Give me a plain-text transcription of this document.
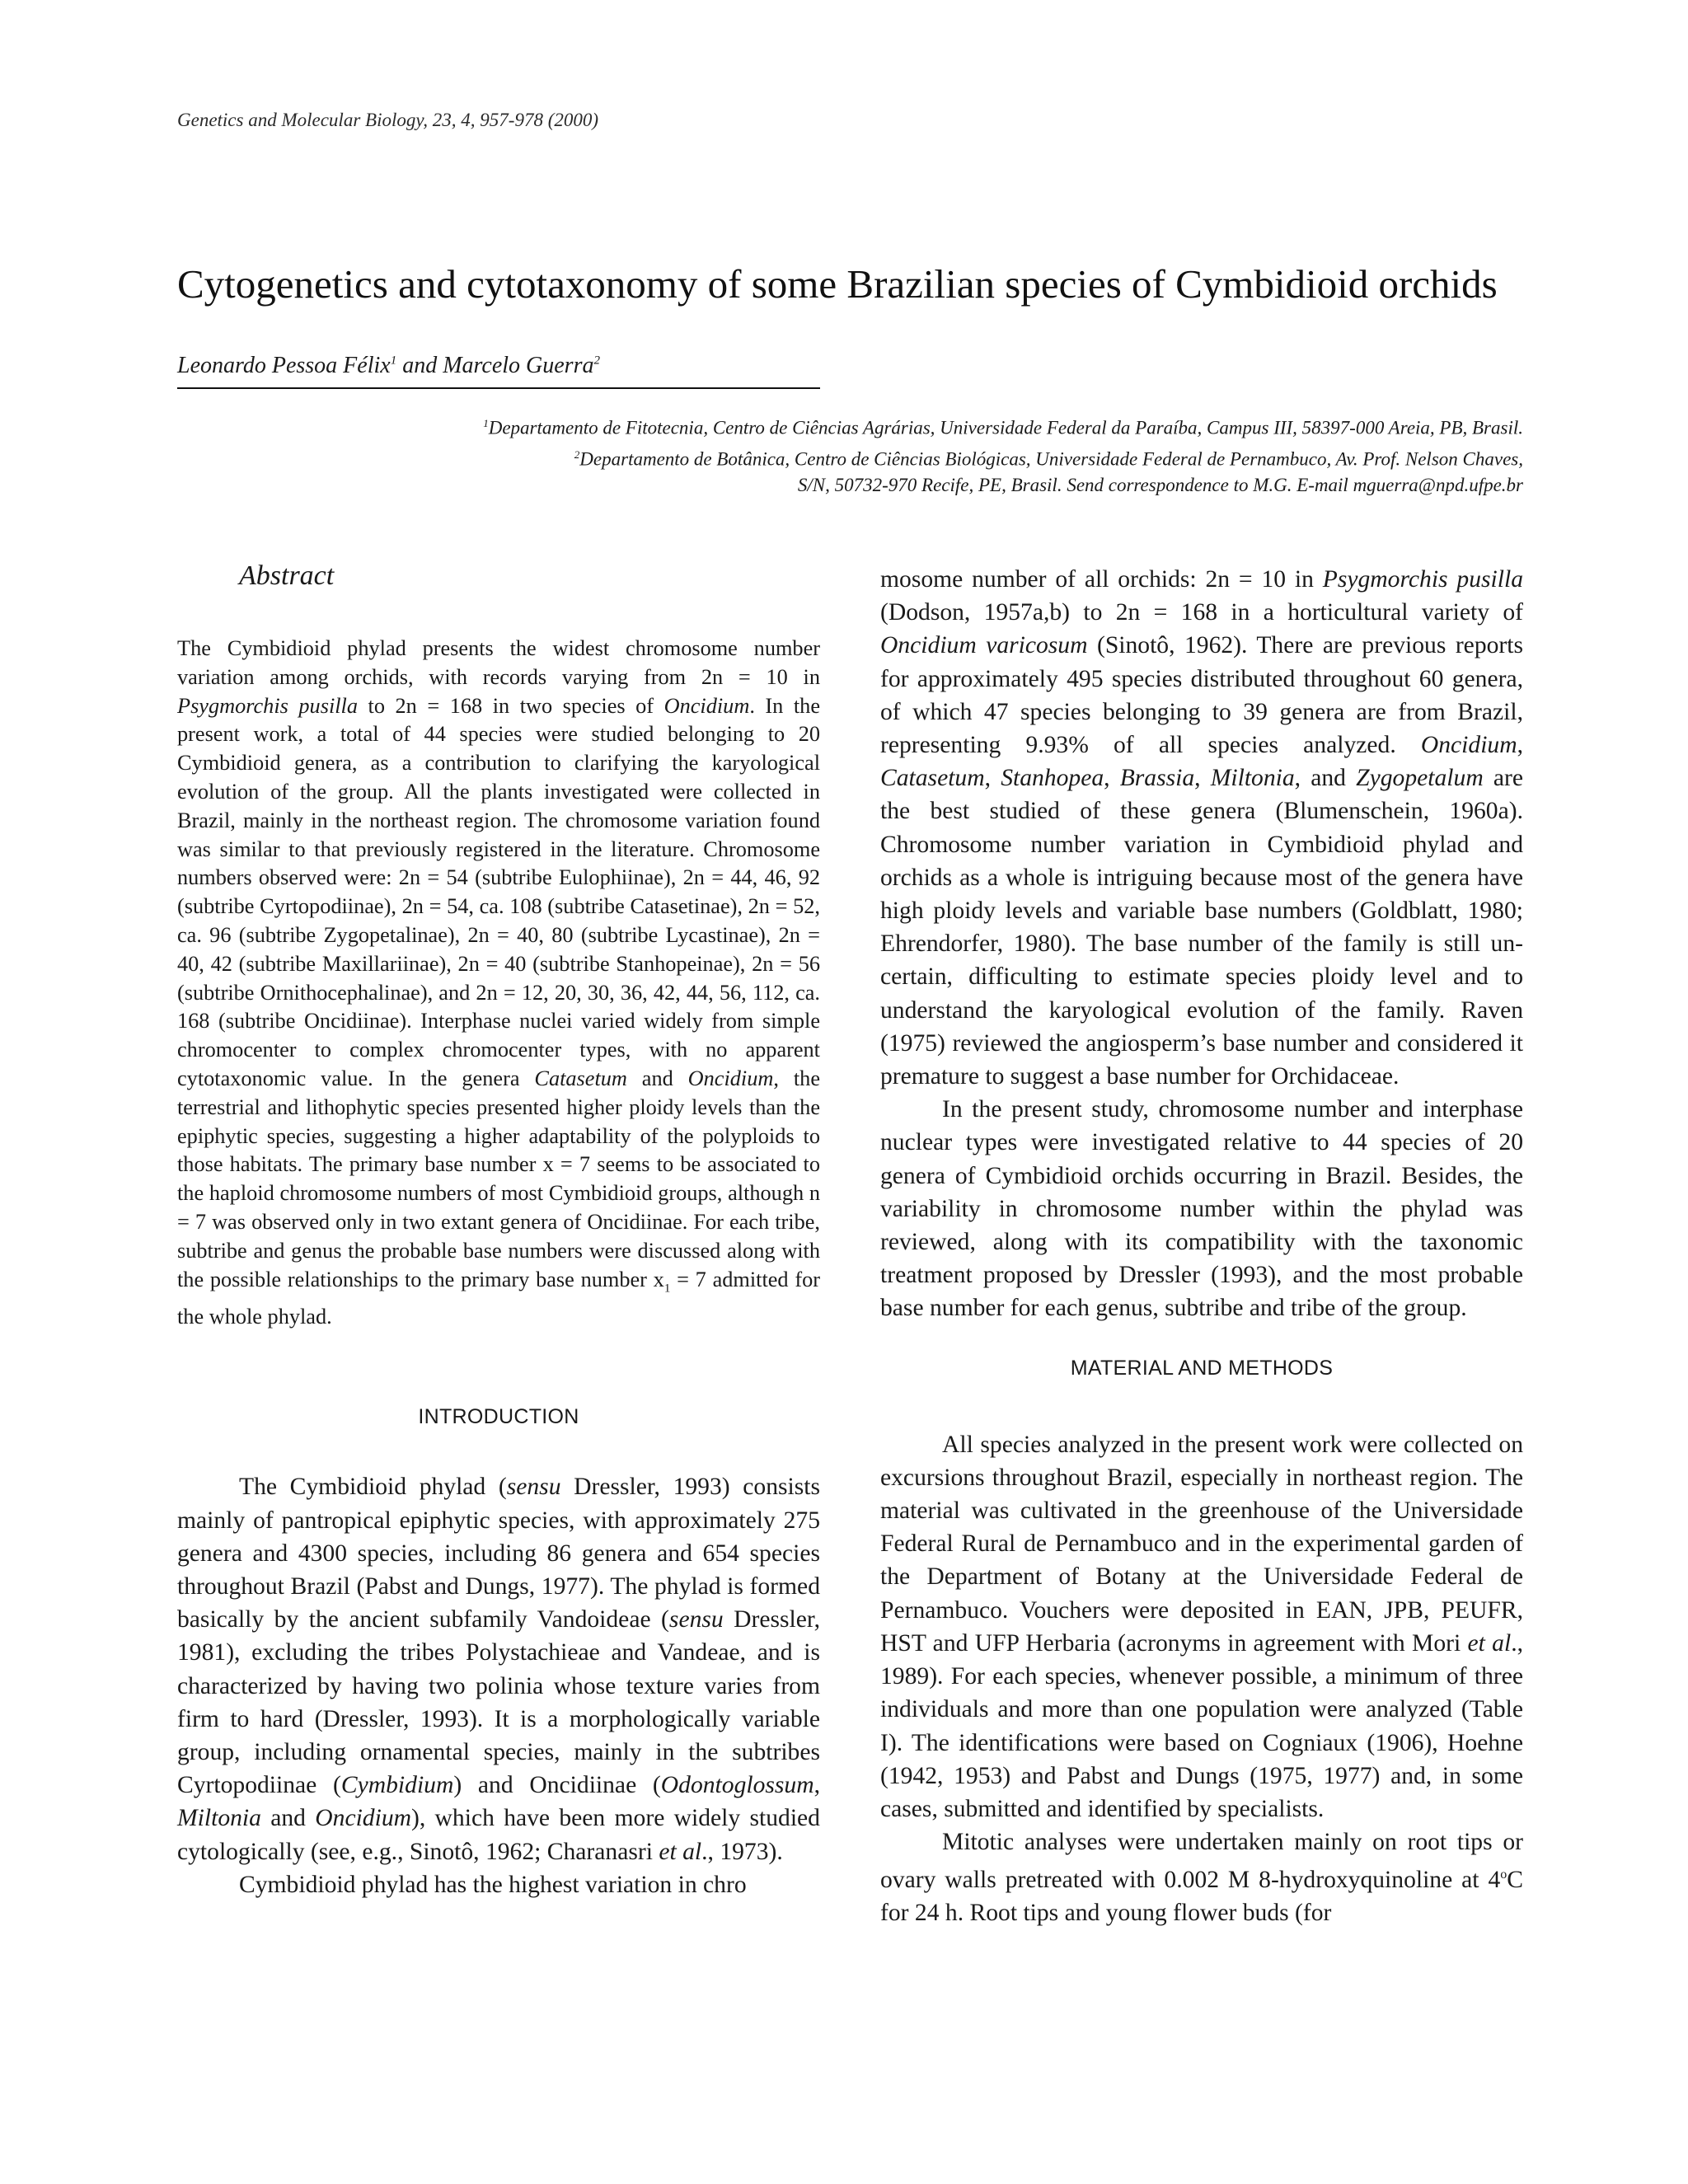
Genetics and Molecular Biology, 23, 4, 957-978 (2000)

Cytogenetics and cytotaxonomy of some Brazilian species of Cymbidioid orchids

Leonardo Pessoa Félix$^1$ and Marcelo Guerra$^2$

$^1$Departamento de Fitotecnia, Centro de Ciências Agrárias, Universidade Federal da Paraíba, Campus III, 58397-000 Areia, PB, Brasil.
$^2$Departamento de Botânica, Centro de Ciências Biológicas, Universidade Federal de Pernambuco, Av. Prof. Nelson Chaves,
S/N, 50732-970 Recife, PE, Brasil. Send correspondence to M.G. E-mail mguerra@npd.ufpe.br
Abstract

The Cymbidioid phylad presents the widest chromosome number variation among orchids, with records varying from 2n = 10 in Psygmorchis pusilla to 2n = 168 in two species of Oncidium. In the present work, a total of 44 species were studied belonging to 20 Cymbidioid genera, as a contribution to clarifying the karyological evolution of the group. All the plants investigated were collected in Brazil, mainly in the northeast region. The chromosome variation found was similar to that previously registered in the literature. Chromosome numbers observed were: 2n = 54 (subtribe Eulophiinae), 2n = 44, 46, 92 (subtribe Cyrtopodiinae), 2n = 54, ca. 108 (subtribe Catasetinae), 2n = 52, ca. 96 (subtribe Zygopetalinae), 2n = 40, 80 (subtribe Lycastinae), 2n = 40, 42 (subtribe Maxillariinae), 2n = 40 (subtribe Stanhopeinae), 2n = 56 (subtribe Ornithocephalinae), and 2n = 12, 20, 30, 36, 42, 44, 56, 112, ca. 168 (subtribe Oncidiinae). Interphase nuclei varied widely from simple chromocenter to complex chromocenter types, with no apparent cytotaxonomic value. In the genera Catasetum and Oncidium, the terrestrial and lithophytic species presented higher ploidy levels than the epiphytic species, suggesting a higher adaptability of the polyploids to those habitats. The primary base number x = 7 seems to be associated to the haploid chromosome numbers of most Cymbidioid groups, although n = 7 was observed only in two extant genera of Oncidiinae. For each tribe, subtribe and genus the probable base numbers were discussed along with the possible relationships to the primary base number $x_1 = 7$ admitted for the whole phylad.

INTRODUCTION

The Cymbidioid phylad (sensu Dressler, 1993) consists mainly of pantropical epiphytic species, with approximately 275 genera and 4300 species, including 86 genera and 654 species throughout Brazil (Pabst and Dungs, 1977). The phylad is formed basically by the ancient subfamily Vandoideae (sensu Dressler, 1981), excluding the tribes Polystachieae and Vandeae, and is characterized by having two polinia whose texture varies from firm to hard (Dressler, 1993). It is a morphologically variable group, including ornamental species, mainly in the subtribes Cyrtopodiinae (Cymbidium) and Oncidiinae (Odontoglossum, Miltonia and Oncidium), which have been more widely studied cytologically (see, e.g., Sinotô, 1962; Charanasri et al., 1973).

Cymbidioid phylad has the highest variation in chro

mosome number of all orchids: 2n = 10 in Psygmorchis pusilla (Dodson, 1957a,b) to 2n = 168 in a horticultural variety of Oncidium varicosum (Sinotô, 1962). There are previous reports for approximately 495 species distributed throughout 60 genera, of which 47 species belonging to 39 genera are from Brazil, representing 9.93% of all species analyzed. Oncidium, Catasetum, Stanhopea, Brassia, Miltonia, and Zygopetalum are the best studied of these genera (Blumenschein, 1960a). Chromosome number variation in Cymbidioid phylad and orchids as a whole is intriguing because most of the genera have high ploidy levels and variable base numbers (Goldblatt, 1980; Ehrendorfer, 1980). The base number of the family is still uncertain, difficulting to estimate species ploidy level and to understand the karyological evolution of the family. Raven (1975) reviewed the angiosperm’s base number and considered it premature to suggest a base number for Orchidaceae.

In the present study, chromosome number and interphase nuclear types were investigated relative to 44 species of 20 genera of Cymbidioid orchids occurring in Brazil. Besides, the variability in chromosome number within the phylad was reviewed, along with its compatibility with the taxonomic treatment proposed by Dressler (1993), and the most probable base number for each genus, subtribe and tribe of the group.

MATERIAL AND METHODS

All species analyzed in the present work were collected on excursions throughout Brazil, especially in northeast region. The material was cultivated in the greenhouse of the Universidade Federal Rural de Pernambuco and in the experimental garden of the Department of Botany at the Universidade Federal de Pernambuco. Vouchers were deposited in EAN, JPB, PEUFR, HST and UFP Herbaria (acronyms in agreement with Mori et al., 1989). For each species, whenever possible, a minimum of three individuals and more than one population were analyzed (Table I). The identifications were based on Cogniaux (1906), Hoehne (1942, 1953) and Pabst and Dungs (1975, 1977) and, in some cases, submitted and identified by specialists.

Mitotic analyses were undertaken mainly on root tips or ovary walls pretreated with 0.002 M 8-hydroxyquinoline at 4$^o$C for 24 h. Root tips and young flower buds (for
